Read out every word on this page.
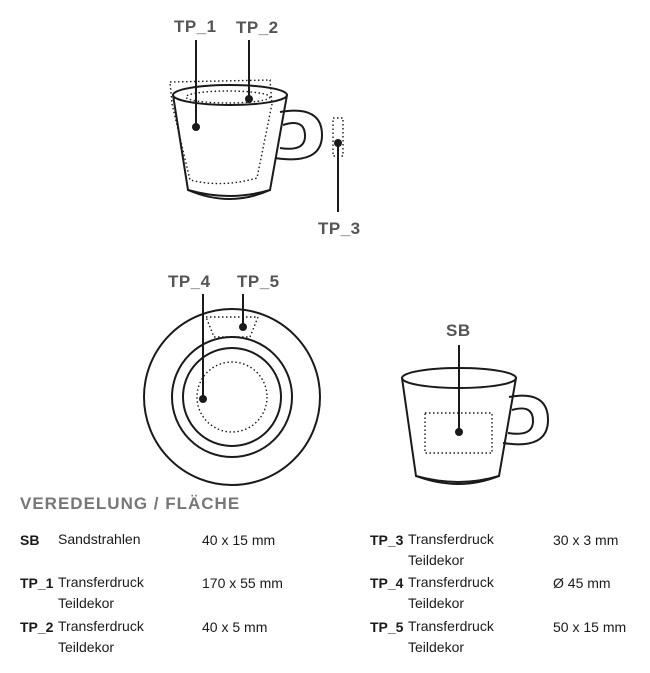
TP_1 TP_2
TP_3
TP_4 TP_5
SB
VEREDELUNG / FLÄCHE
SB Sandstrahlen	40 x 15 mm
TP_1 Transferdruck
Teildekor
170 x 55 mm
TP_2 Transferdruck
Teildekor
40 x 5 mm
TP_3 Transferdruck
Teildekor
30 x 3 mm
TP_4 Transferdruck
Teildekor
Ø 45 mm
TP_5 Transferdruck
Teildekor
50 x 15 mm
